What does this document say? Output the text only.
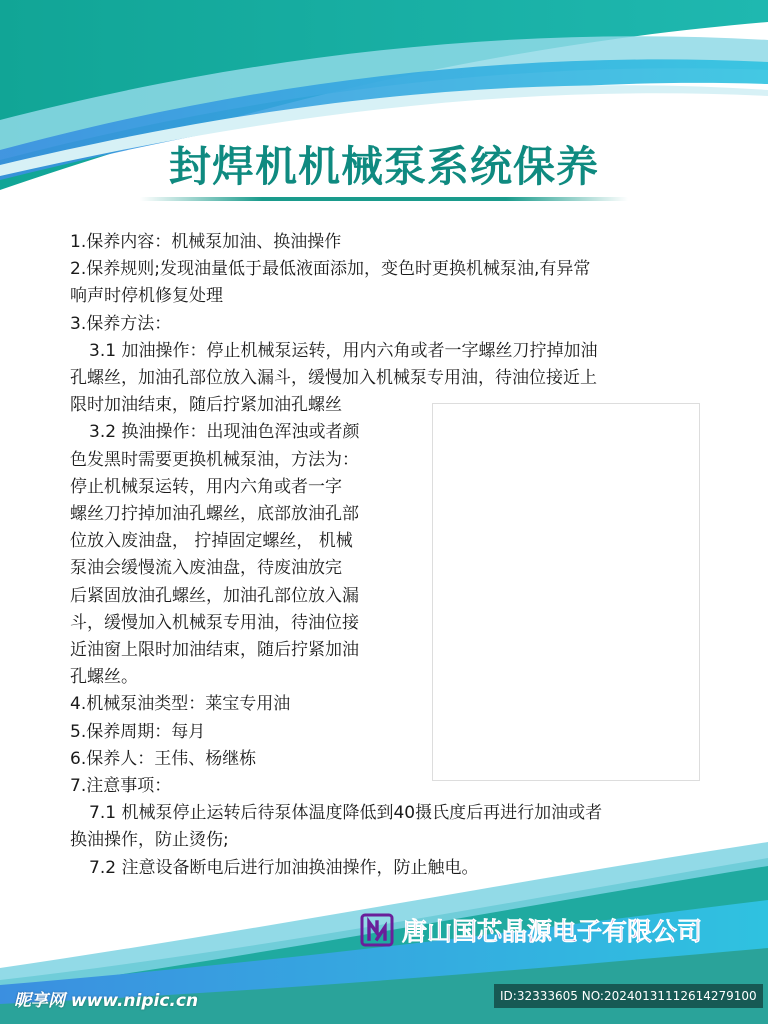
封焊机机械泵系统保养

1.保养内容：机械泵加油、换油操作

2.保养规则;发现油量低于最低液面添加，变色时更换机械泵油,有异常

响声时停机修复处理

3.保养方法：

3.1 加油操作：停止机械泵运转，用内六角或者一字螺丝刀拧掉加油

孔螺丝，加油孔部位放入漏斗，缓慢加入机械泵专用油，待油位接近上

限时加油结束，随后拧紧加油孔螺丝

3.2 换油操作：出现油色浑浊或者颜

色发黑时需要更换机械泵油，方法为：

停止机械泵运转，用内六角或者一字

螺丝刀拧掉加油孔螺丝，底部放油孔部

位放入废油盘， 拧掉固定螺丝， 机械

泵油会缓慢流入废油盘，待废油放完

后紧固放油孔螺丝，加油孔部位放入漏

斗，缓慢加入机械泵专用油，待油位接

近油窗上限时加油结束，随后拧紧加油

孔螺丝。

4.机械泵油类型：莱宝专用油

5.保养周期：每月

6.保养人：王伟、杨继栋

7.注意事项：

7.1 机械泵停止运转后待泵体温度降低到40摄氏度后再进行加油或者

换油操作，防止烫伤;

7.2 注意设备断电后进行加油换油操作，防止触电。

唐山国芯晶源电子有限公司
昵享网 www.nipic.cn	ID:32333605 NO:20240131112614279100
